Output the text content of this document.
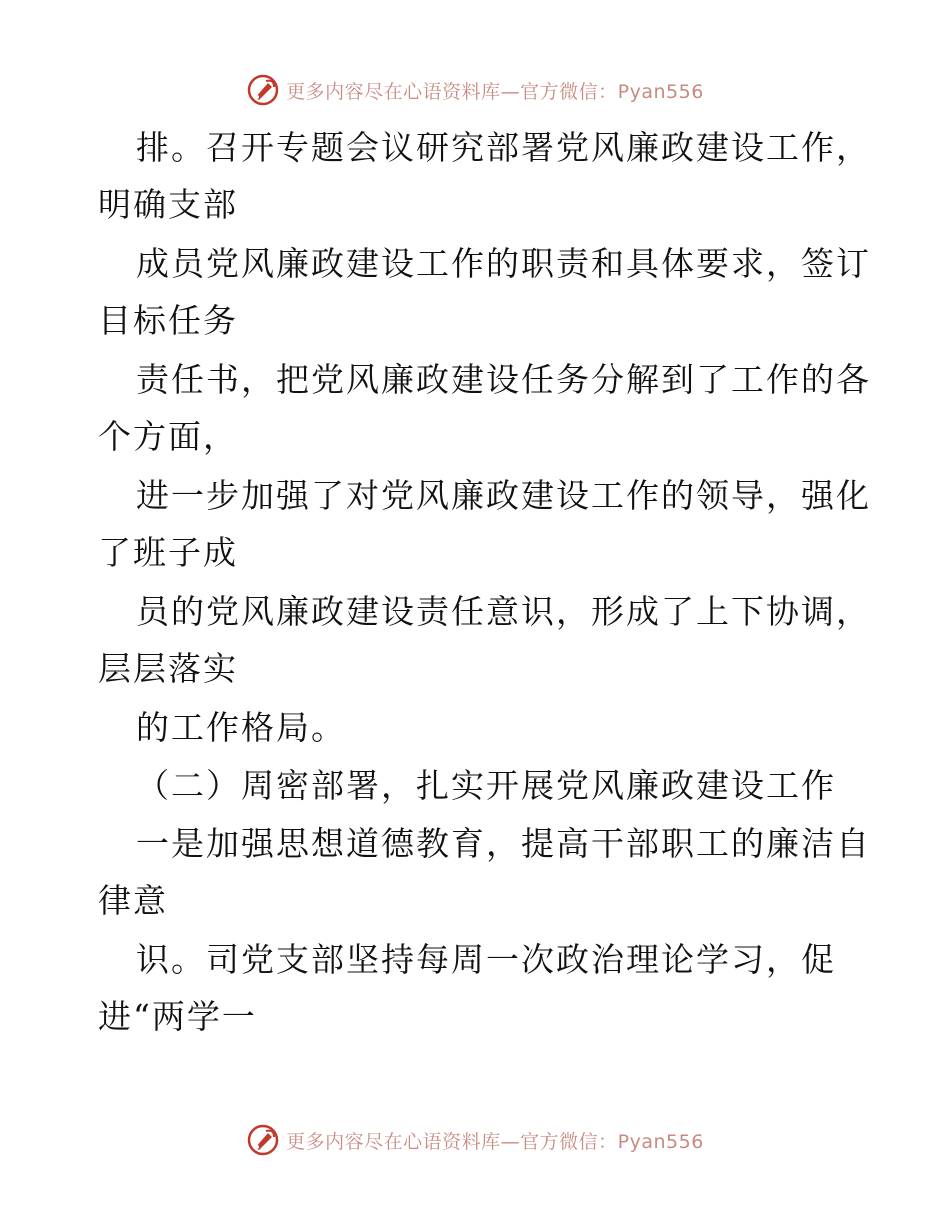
更多内容尽在心语资料库—官方微信：Pyan556
排。召开专题会议研究部署党风廉政建设工作，
明确支部
成员党风廉政建设工作的职责和具体要求，签订
目标任务
责任书，把党风廉政建设任务分解到了工作的各
个方面，
进一步加强了对党风廉政建设工作的领导，强化
了班子成
员的党风廉政建设责任意识，形成了上下协调，
层层落实
的工作格局。
（二）周密部署，扎实开展党风廉政建设工作
一是加强思想道德教育，提高干部职工的廉洁自
律意
识。司党支部坚持每周一次政治理论学习，促
进“两学一
更多内容尽在心语资料库—官方微信：Pyan556
